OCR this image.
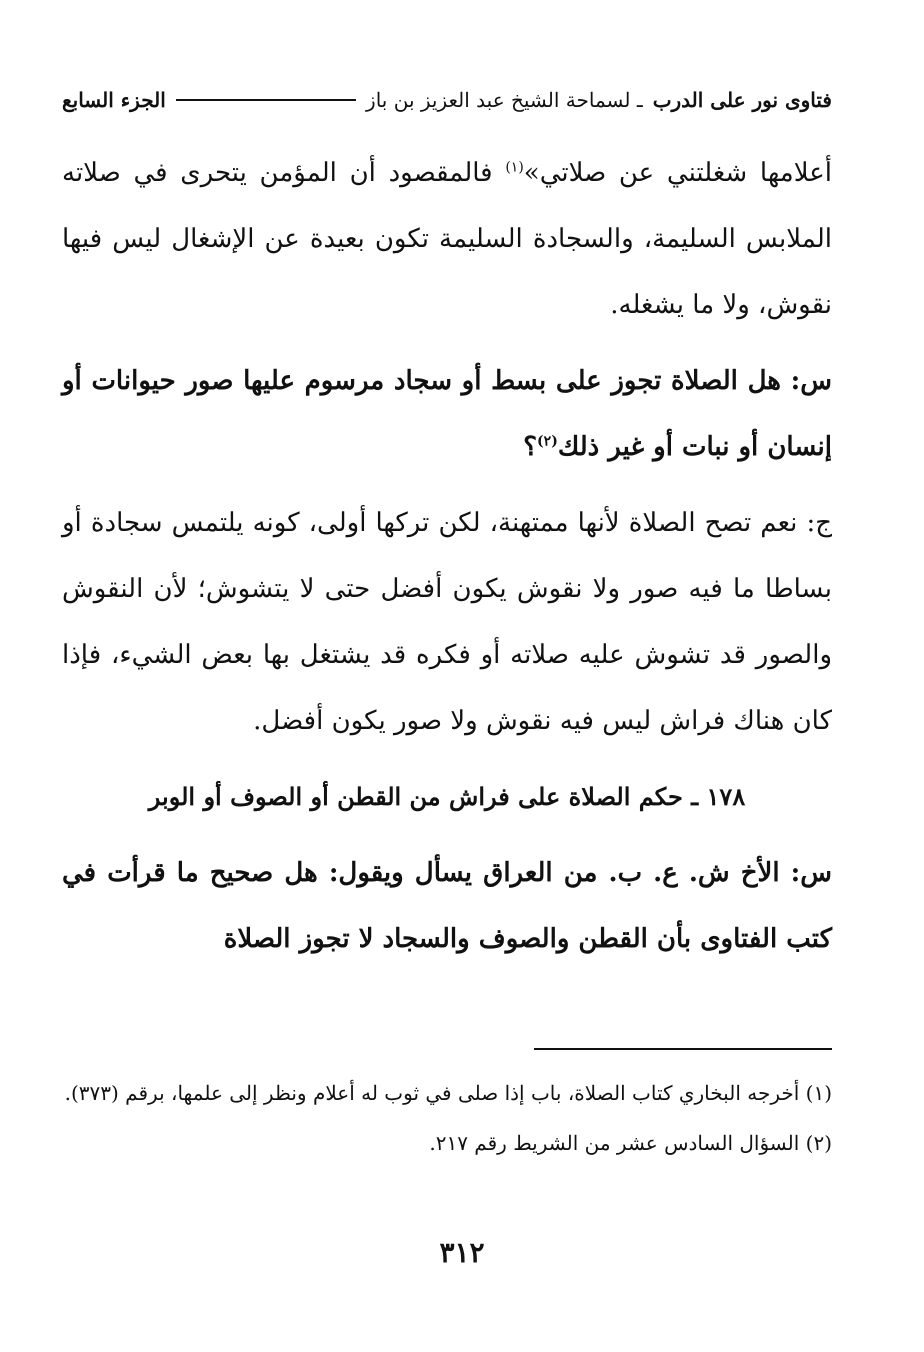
فتاوى نور على الدرب
ـ لسماحة الشيخ عبد العزيز بن باز
الجزء السابع

أعلامها شغلتني عن صلاتي»$^{(١)}$ فالمقصود أن المؤمن يتحرى في صلاته الملابس السليمة، والسجادة السليمة تكون بعيدة عن الإشغال ليس فيها نقوش، ولا ما يشغله.

س: هل الصلاة تجوز على بسط أو سجاد مرسوم عليها صور حيوانات أو إنسان أو نبات أو غير ذلك$^{(٢)}$؟

ج: نعم تصح الصلاة لأنها ممتهنة، لكن تركها أولى، كونه يلتمس سجادة أو بساطا ما فيه صور ولا نقوش يكون أفضل حتى لا يتشوش؛ لأن النقوش والصور قد تشوش عليه صلاته أو فكره قد يشتغل بها بعض الشيء، فإذا كان هناك فراش ليس فيه نقوش ولا صور يكون أفضل.

١٧٨ ـ حكم الصلاة على فراش من القطن أو الصوف أو الوبر

س: الأخ ش. ع. ب. من العراق يسأل ويقول: هل صحيح ما قرأت في كتب الفتاوى بأن القطن والصوف والسجاد لا تجوز الصلاة

(١) أخرجه البخاري كتاب الصلاة، باب إذا صلى في ثوب له أعلام ونظر إلى علمها، برقم (٣٧٣).

(٢) السؤال السادس عشر من الشريط رقم ٢١٧.

٣١٢
